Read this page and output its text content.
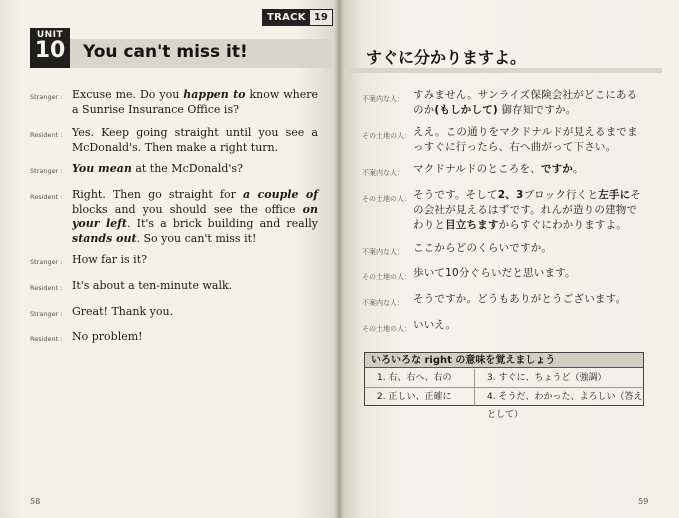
TRACK 19
UNIT
10 You can't miss it!	すぐに分かりますよ。
Stranger : Excuse me. Do you happen to know where a Sunrise Insurance Office is?
Resident : Yes. Keep going straight until you see a McDonald's. Then make a right turn.
Stranger : You mean at the McDonald's?
Resident : Right. Then go straight for a couple of blocks and you should see the office on your left. It's a brick building and really stands out. So you can't miss it!
Stranger : How far is it?
Resident : It's about a ten-minute walk.
Stranger : Great! Thank you.
Resident : No problem!
不案内な人： すみません。サンライズ保険会社がどこにあるのか(もしかして) 御存知ですか。
その土地の人： ええ。この通りをマクドナルドが見えるまでまっすぐに行ったら、右へ曲がって下さい。
不案内な人： マクドナルドのところを、ですか。
その土地の人： そうです。そして2、3ブロック行くと左手にその会社が見えるはずです。れんが造りの建物でわりと目立ちますからすぐにわかりますよ。
不案内な人： ここからどのくらいですか。
その土地の人： 歩いて10分ぐらいだと思います。
不案内な人： そうですか。どうもありがとうございます。
その土地の人： いいえ。
いろいろな right の意味を覚えましょう
1. 右、右へ、右の	3. すぐに、ちょうど（強調）
2. 正しい、正確に	4. そうだ、わかった、よろしい（答えとして）
58	59
